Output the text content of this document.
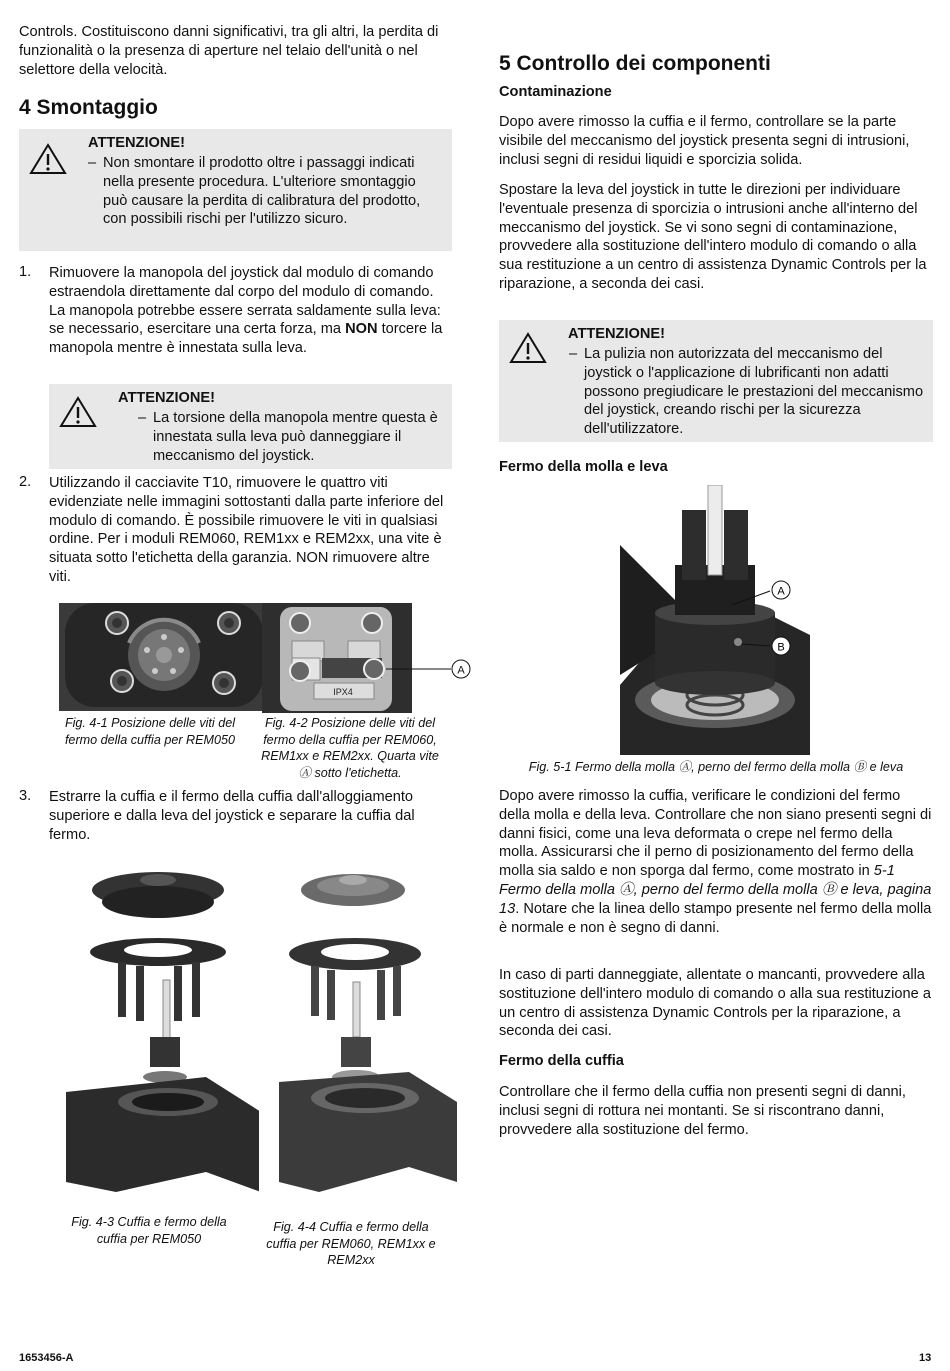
Controls. Costituiscono danni significativi, tra gli altri, la perdita di funzionalità o la presenza di aperture nel telaio dell'unità o nel selettore della velocità.

4 Smontaggio
ATTENZIONE!
– Non smontare il prodotto oltre i passaggi indicati nella presente procedura. L'ulteriore smontaggio può causare la perdita di calibratura del prodotto, con possibili rischi per l'utilizzo sicuro.
1. Rimuovere la manopola del joystick dal modulo di comando estraendola direttamente dal corpo del modulo di comando. La manopola potrebbe essere serrata saldamente sulla leva: se necessario, esercitare una certa forza, ma NON torcere la manopola mentre è innestata sulla leva.

ATTENZIONE!
– La torsione della manopola mentre questa è innestata sulla leva può danneggiare il meccanismo del joystick.
2. Utilizzando il cacciavite T10, rimuovere le quattro viti evidenziate nelle immagini sottostanti dalla parte inferiore del modulo di comando. È possibile rimuovere le viti in qualsiasi ordine. Per i moduli REM060, REM1xx e REM2xx, una vite è situata sotto l'etichetta della garanzia. NON rimuovere altre viti.

Fig. 4-1 Posizione delle viti del fermo della cuffia per REM050
A
IPX4
Fig. 4-2 Posizione delle viti del fermo della cuffia per REM060, REM1xx e REM2xx. Quarta vite Ⓐ sotto l'etichetta.
3. Estrarre la cuffia e il fermo della cuffia dall'alloggiamento superiore e dalla leva del joystick e separare la cuffia dal fermo.

Fig. 4-3 Cuffia e fermo della cuffia per REM050
Fig. 4-4 Cuffia e fermo della cuffia per REM060, REM1xx e REM2xx
5 Controllo dei componenti
Contaminazione

Dopo avere rimosso la cuffia e il fermo, controllare se la parte visibile del meccanismo del joystick presenta segni di intrusioni, inclusi segni di residui liquidi e sporcizia solida.

Spostare la leva del joystick in tutte le direzioni per individuare l'eventuale presenza di sporcizia o intrusioni anche all'interno del meccanismo del joystick. Se vi sono segni di contaminazione, provvedere alla sostituzione dell'intero modulo di comando o alla sua restituzione a un centro di assistenza Dynamic Controls per la riparazione, a seconda dei casi.

ATTENZIONE!
– La pulizia non autorizzata del meccanismo del joystick o l'applicazione di lubrificanti non adatti possono pregiudicare le prestazioni del meccanismo del joystick, creando rischi per la sicurezza dell'utilizzatore.
Fermo della molla e leva
A
B
Fig. 5-1 Fermo della molla Ⓐ, perno del fermo della molla Ⓑ e leva

Dopo avere rimosso la cuffia, verificare le condizioni del fermo della molla e della leva. Controllare che non siano presenti segni di danni fisici, come una leva deformata o crepe nel fermo della molla. Assicurarsi che il perno di posizionamento del fermo della molla sia saldo e non sporga dal fermo, come mostrato in 5-1 Fermo della molla Ⓐ, perno del fermo della molla Ⓑ e leva, pagina 13. Notare che la linea dello stampo presente nel fermo della molla è normale e non è segno di danni.

In caso di parti danneggiate, allentate o mancanti, provvedere alla sostituzione dell'intero modulo di comando o alla sua restituzione a un centro di assistenza Dynamic Controls per la riparazione, a seconda dei casi.

Fermo della cuffia

Controllare che il fermo della cuffia non presenti segni di danni, inclusi segni di rottura nei montanti. Se si riscontrano danni, provvedere alla sostituzione del fermo.

1653456-A	13
